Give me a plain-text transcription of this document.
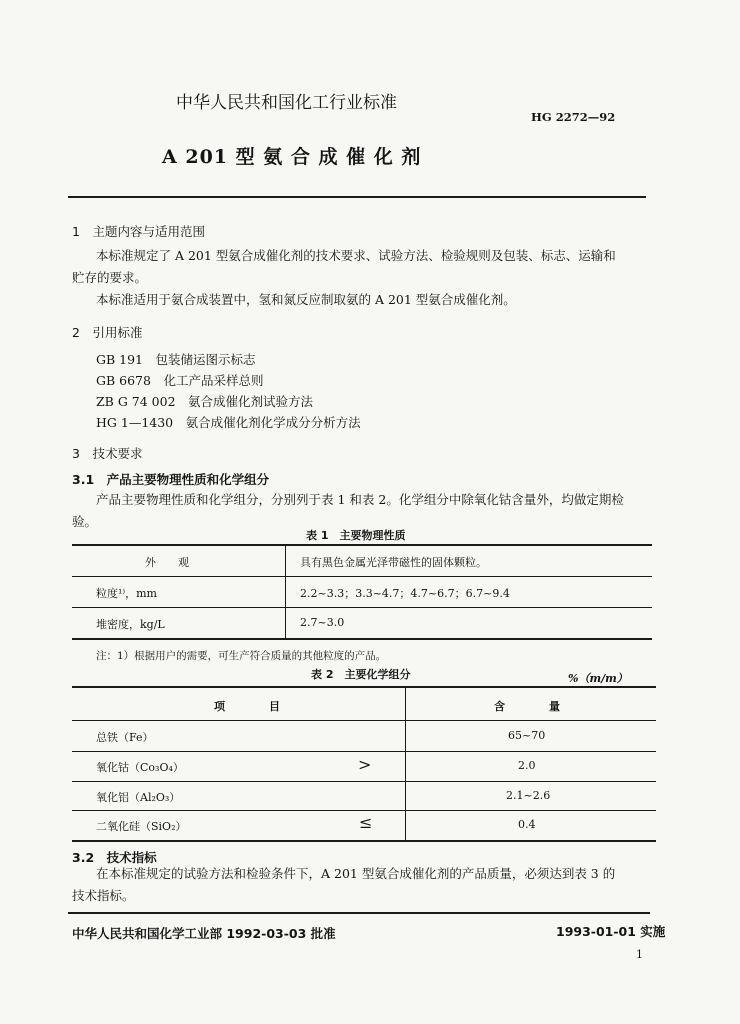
中华人民共和国化工行业标准
HG 2272—92
A 201 型 氨 合 成 催 化 剂
1　主题内容与适用范围
本标准规定了 A 201 型氨合成催化剂的技术要求、试验方法、检验规则及包装、标志、运输和
贮存的要求。
本标准适用于氨合成装置中，氢和氮反应制取氨的 A 201 型氨合成催化剂。
2　引用标准
GB 191　包装储运图示标志
GB 6678　化工产品采样总则
ZB G 74 002　氨合成催化剂试验方法
HG 1—1430　氨合成催化剂化学成分分析方法
3　技术要求
3.1　产品主要物理性质和化学组分
产品主要物理性质和化学组分，分别列于表 1 和表 2。化学组分中除氧化钴含量外，均做定期检
验。
表 1　主要物理性质
外　　观	具有黑色金属光泽带磁性的固体颗粒。
粒度¹⁾，mm	2.2~3.3；3.3~4.7；4.7~6.7；6.7~9.4
堆密度，kg/L	2.7~3.0
注：1）根据用户的需要，可生产符合质量的其他粒度的产品。
表 2　主要化学组分	%（m/m）
项　　　　目	含　　　　量
总铁（Fe）	65~70
氧化钴（Co₃O₄）	>	2.0
氧化铝（Al₂O₃）	2.1~2.6
二氧化硅（SiO₂）	≤	0.4
3.2　技术指标
在本标准规定的试验方法和检验条件下，A 201 型氨合成催化剂的产品质量，必须达到表 3 的
技术指标。
中华人民共和国化学工业部 1992-03-03 批准	1993-01-01 实施
1
